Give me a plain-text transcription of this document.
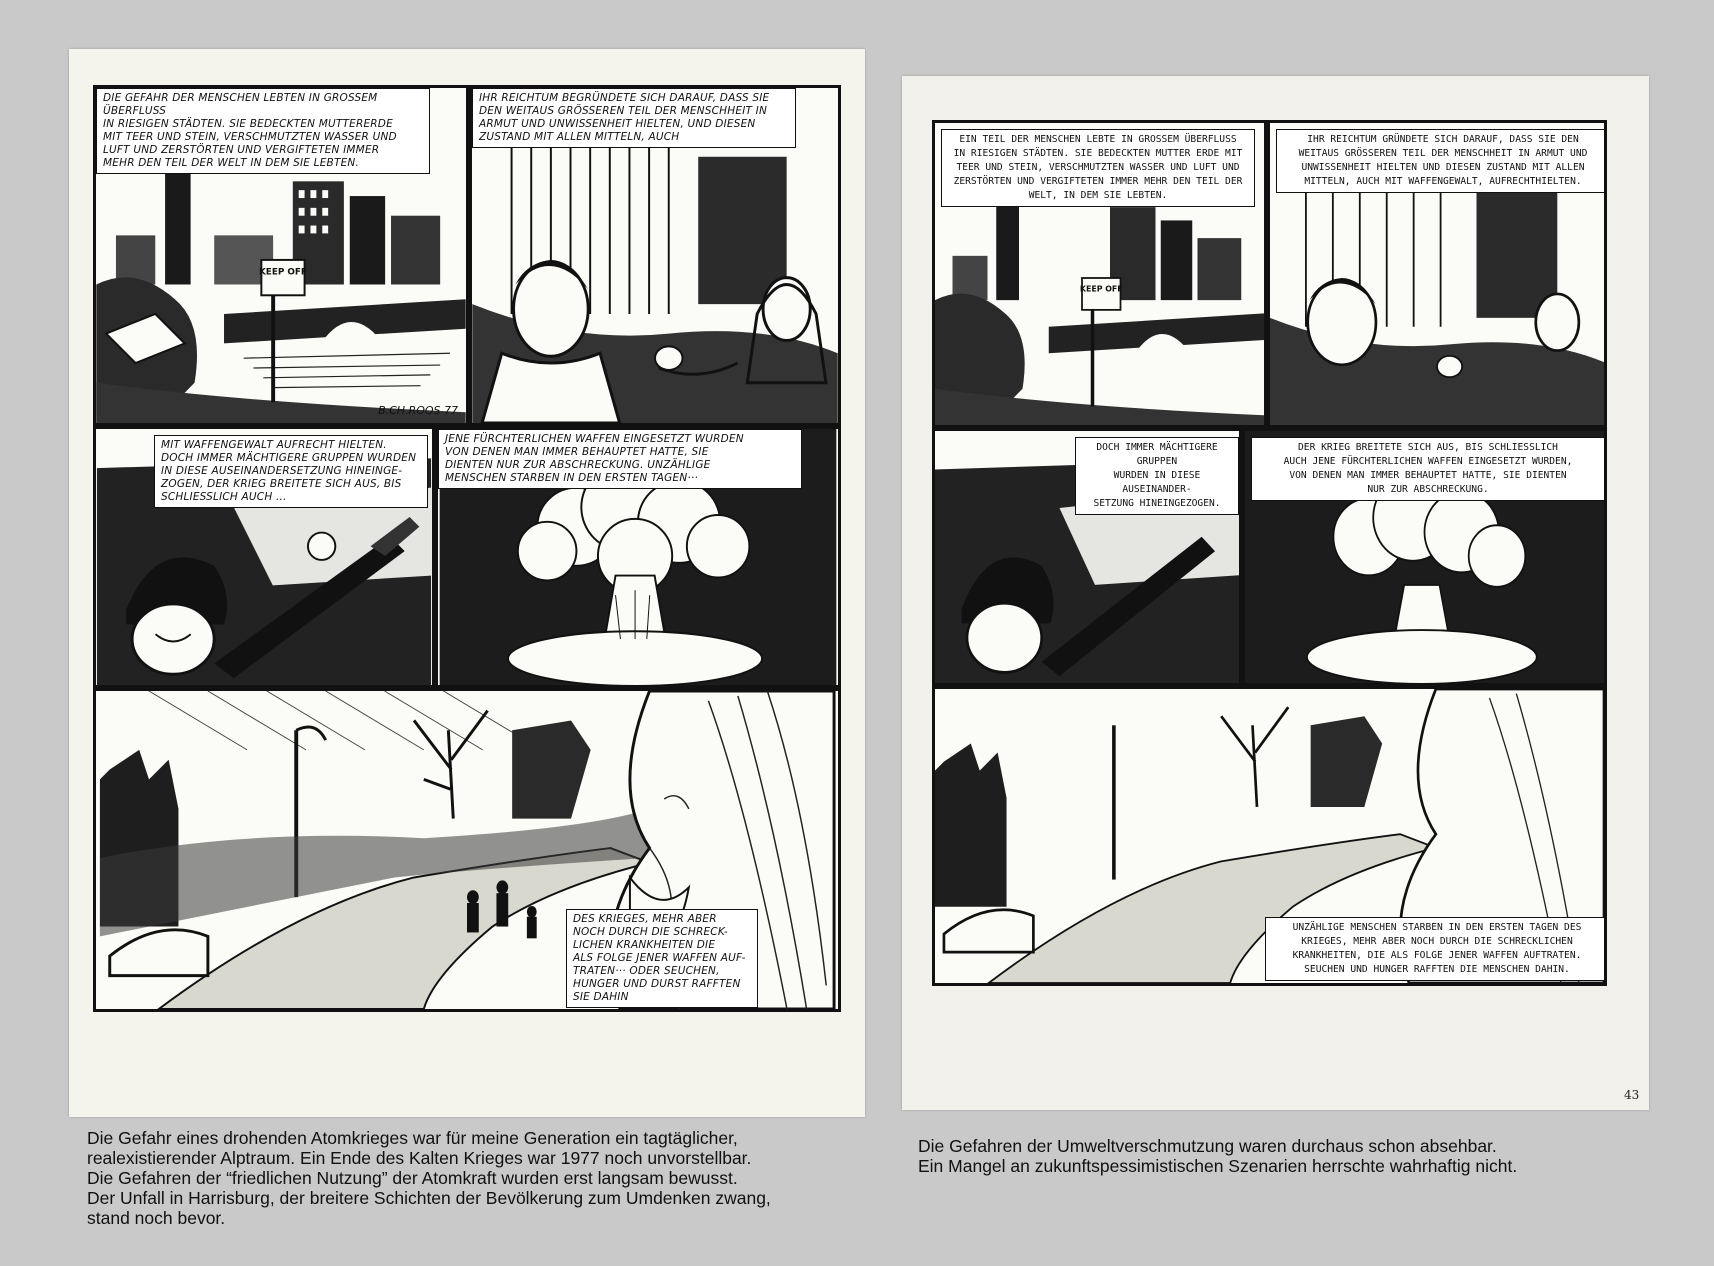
KEEP OFF
DIE GEFAHR DER MENSCHEN LEBTEN IN GROSSEM ÜBERFLUSS
IN RIESIGEN STÄDTEN. SIE BEDECKTEN MUTTERERDE
MIT TEER UND STEIN, VERSCHMUTZTEN WASSER UND
LUFT UND ZERSTÖRTEN UND VERGIFTETEN IMMER
MEHR DEN TEIL DER WELT IN DEM SIE LEBTEN.
B.CH.ROOS 77
IHR REICHTUM BEGRÜNDETE SICH DARAUF, DASS SIE
DEN WEITAUS GRÖSSEREN TEIL DER MENSCHHEIT IN
ARMUT UND UNWISSENHEIT HIELTEN, UND DIESEN
ZUSTAND MIT ALLEN MITTELN, AUCH
MIT WAFFENGEWALT AUFRECHT HIELTEN.
DOCH IMMER MÄCHTIGERE GRUPPEN WURDEN
IN DIESE AUSEINANDERSETZUNG HINEINGE-
ZOGEN, DER KRIEG BREITETE SICH AUS, BIS
SCHLIESSLICH AUCH ...
JENE FÜRCHTERLICHEN WAFFEN EINGESETZT WURDEN
VON DENEN MAN IMMER BEHAUPTET HATTE, SIE
DIENTEN NUR ZUR ABSCHRECKUNG. UNZÄHLIGE
MENSCHEN STARBEN IN DEN ERSTEN TAGEN···
DES KRIEGES, MEHR ABER
NOCH DURCH DIE SCHRECK-
LICHEN KRANKHEITEN DIE
ALS FOLGE JENER WAFFEN AUF-
TRATEN··· ODER SEUCHEN,
HUNGER UND DURST RAFFTEN
SIE DAHIN
KEEP OFF
EIN TEIL DER MENSCHEN LEBTE IN GROSSEM ÜBERFLUSS
IN RIESIGEN STÄDTEN. SIE BEDECKTEN MUTTER ERDE MIT
TEER UND STEIN, VERSCHMUTZTEN WASSER UND LUFT UND
ZERSTÖRTEN UND VERGIFTETEN IMMER MEHR DEN TEIL DER
WELT, IN DEM SIE LEBTEN.
IHR REICHTUM GRÜNDETE SICH DARAUF, DASS SIE DEN
WEITAUS GRÖSSEREN TEIL DER MENSCHHEIT IN ARMUT UND
UNWISSENHEIT HIELTEN UND DIESEN ZUSTAND MIT ALLEN
MITTELN, AUCH MIT WAFFENGEWALT, AUFRECHTHIELTEN.
DOCH IMMER MÄCHTIGERE GRUPPEN
WURDEN IN DIESE AUSEINANDER-
SETZUNG HINEINGEZOGEN.
DER KRIEG BREITETE SICH AUS, BIS SCHLIESSLICH
AUCH JENE FÜRCHTERLICHEN WAFFEN EINGESETZT WURDEN,
VON DENEN MAN IMMER BEHAUPTET HATTE, SIE DIENTEN
NUR ZUR ABSCHRECKUNG.
UNZÄHLIGE MENSCHEN STARBEN IN DEN ERSTEN TAGEN DES
KRIEGES, MEHR ABER NOCH DURCH DIE SCHRECKLICHEN
KRANKHEITEN, DIE ALS FOLGE JENER WAFFEN AUFTRATEN.
SEUCHEN UND HUNGER RAFFTEN DIE MENSCHEN DAHIN.
43
Die Gefahr eines drohenden Atomkrieges war für meine Generation ein tagtäglicher,
realexistierender Alptraum. Ein Ende des Kalten Krieges war 1977 noch unvorstellbar.
Die Gefahren der “friedlichen Nutzung” der Atomkraft wurden erst langsam bewusst.
Der Unfall in Harrisburg, der breitere Schichten der Bevölkerung zum Umdenken zwang,
stand noch bevor.
Die Gefahren der Umweltverschmutzung waren durchaus schon absehbar.
Ein Mangel an zukunftspessimistischen Szenarien herrschte wahrhaftig nicht.
